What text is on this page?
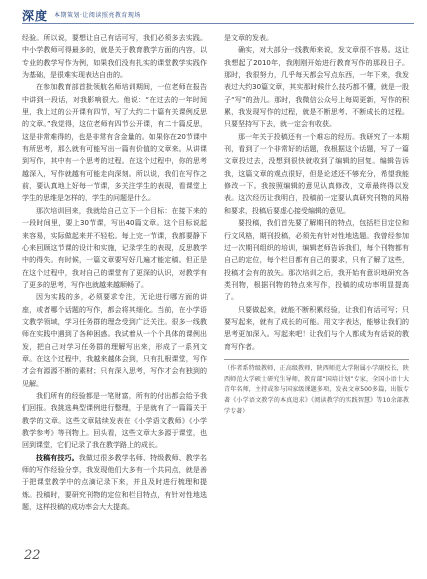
深度 本期策划·让阅读照亮教育现场

经验。所以说，要想让自己有话可写，我们必须多去实践。中小学教师可得最多的，就是关于教育教学方面的内容，以专业的教学写作为例，如果我们没有扎实的课堂教学实践作为基础，是很难实现表达自由的。

在参加教育部首批领航名师培训期间，一位老师在报告中讲到一段话，对我影响很大。他说：“在过去的一年时间里，我上过的公开课有四节，写了大约二十篇有关课例反思的文章。”我觉得，这位老师有四节公开课，有二十篇反思，这是非常难得的，也是非常有含金量的。如果你在20节课中有所思考，那么就有可能写出一篇有价值的文章来。从讲课到写作，其中有一个思考的过程。在这个过程中，你的思考越深入，写作就越有可能走向深刻。所以说，我们在写作之前，要认真地上好每一节课，多关注学生的表现，看课堂上学生的思维是怎样的，学生的问题是什么。

那次培训回来，我就给自己立下一个目标：在接下来的一段时间里，要上30节课，写出40篇文章。这个目标说起来容易，实际做起来并不轻松。每上完一节课，我都要静下心来回顾这节课的设计和实施，记录学生的表现，反思教学中的得失。有时候，一篇文章要写好几遍才能定稿。但正是在这个过程中，我对自己的课堂有了更深的认识，对教学有了更多的思考，写作也就越来越顺畅了。

因为实践的多，必须要求专注，无论进行哪方面的讲座，或者哪个话题的写作，都会将其细化。当前，在小学语文教学领域，学习任务群的理念受到广泛关注。很多一线教师在实践中遇到了各种困惑。我试着从一个个具体的课例出发，把自己对学习任务群的理解写出来，形成了一系列文章。在这个过程中，我越来越体会到，只有扎根课堂，写作才会有源源不断的素材；只有深入思考，写作才会有独到的见解。

我们所有的经验都是一笔财富，所有的付出都会给予我们回报。我挑选典型课例进行整理，于是就有了一篇篇关于教学的文章。这些文章陆续发表在《小学语文教师》《小学教学参考》等刊物上。回头看，这些文章大多源于课堂，也回到课堂，它们记录了我在教学路上的成长。

技稿有技巧。我做过很多教学名师、特级教师、教学名师的写作经验分享，我发现他们大多有一个共同点，就是善于把课堂教学中的点滴记录下来，并且及时进行梳理和提炼。投稿时，要研究刊物的定位和栏目特点，有针对性地选题，这样投稿的成功率会大大提高。

是文章的发表。

确实，对大部分一线教师来说，发文章很不容易。这让我想起了2010年，我刚刚开始进行教育写作的那段日子。那时，我很努力，几乎每天都会写点东西，一年下来，我发表过大约30篇文章，其实那时候什么技巧都不懂，就是一股子“写”的劲儿。那时，我微信公众号上每周更新，写作的积累，我发现写作的过程，就是不断思考、不断成长的过程。只要坚持写下去，就一定会有收获。

那一年关于投稿还有一个难忘的经历。我研究了一本期刊，看到了一个非常好的话题，我根据这个话题，写了一篇文章投过去，没想到很快就收到了编辑的回复。编辑告诉我，这篇文章的观点很好，但是论述还不够充分，希望我能修改一下。我按照编辑的意见认真修改，文章最终得以发表。这次经历让我明白，投稿前一定要认真研究刊物的风格和要求，投稿后要虚心接受编辑的意见。

要投稿，我们首先要了解期刊的特点，包括栏目定位和行文风格，期刊投稿，必须先有针对性地选题。我曾经参加过一次期刊组织的培训，编辑老师告诉我们，每个刊物都有自己的定位，每个栏目都有自己的要求，只有了解了这些，投稿才会有的放矢。那次培训之后，我开始有意识地研究各类刊物，根据刊物的特点来写作，投稿的成功率明显提高了。

只要做起来，就能不断积累经验，让我们有话可写；只要写起来，就有了成长的可能。用文字表达，能够让我们的思考更加深入。写起来吧！让我们与个人都成为有话说的教育写作者。

（作者系特级教师，正高级教师，陕西师范大学附属小学副校长，陕西师范大学硕士研究生导师，教育部“国培计划”专家，全国小语十大青年名师，主持或参与国家级课题多项，发表文章500多篇，出版专著《小学语文教学的本真追求》《阅读教学的实践智慧》等10余部教学专著）

22
